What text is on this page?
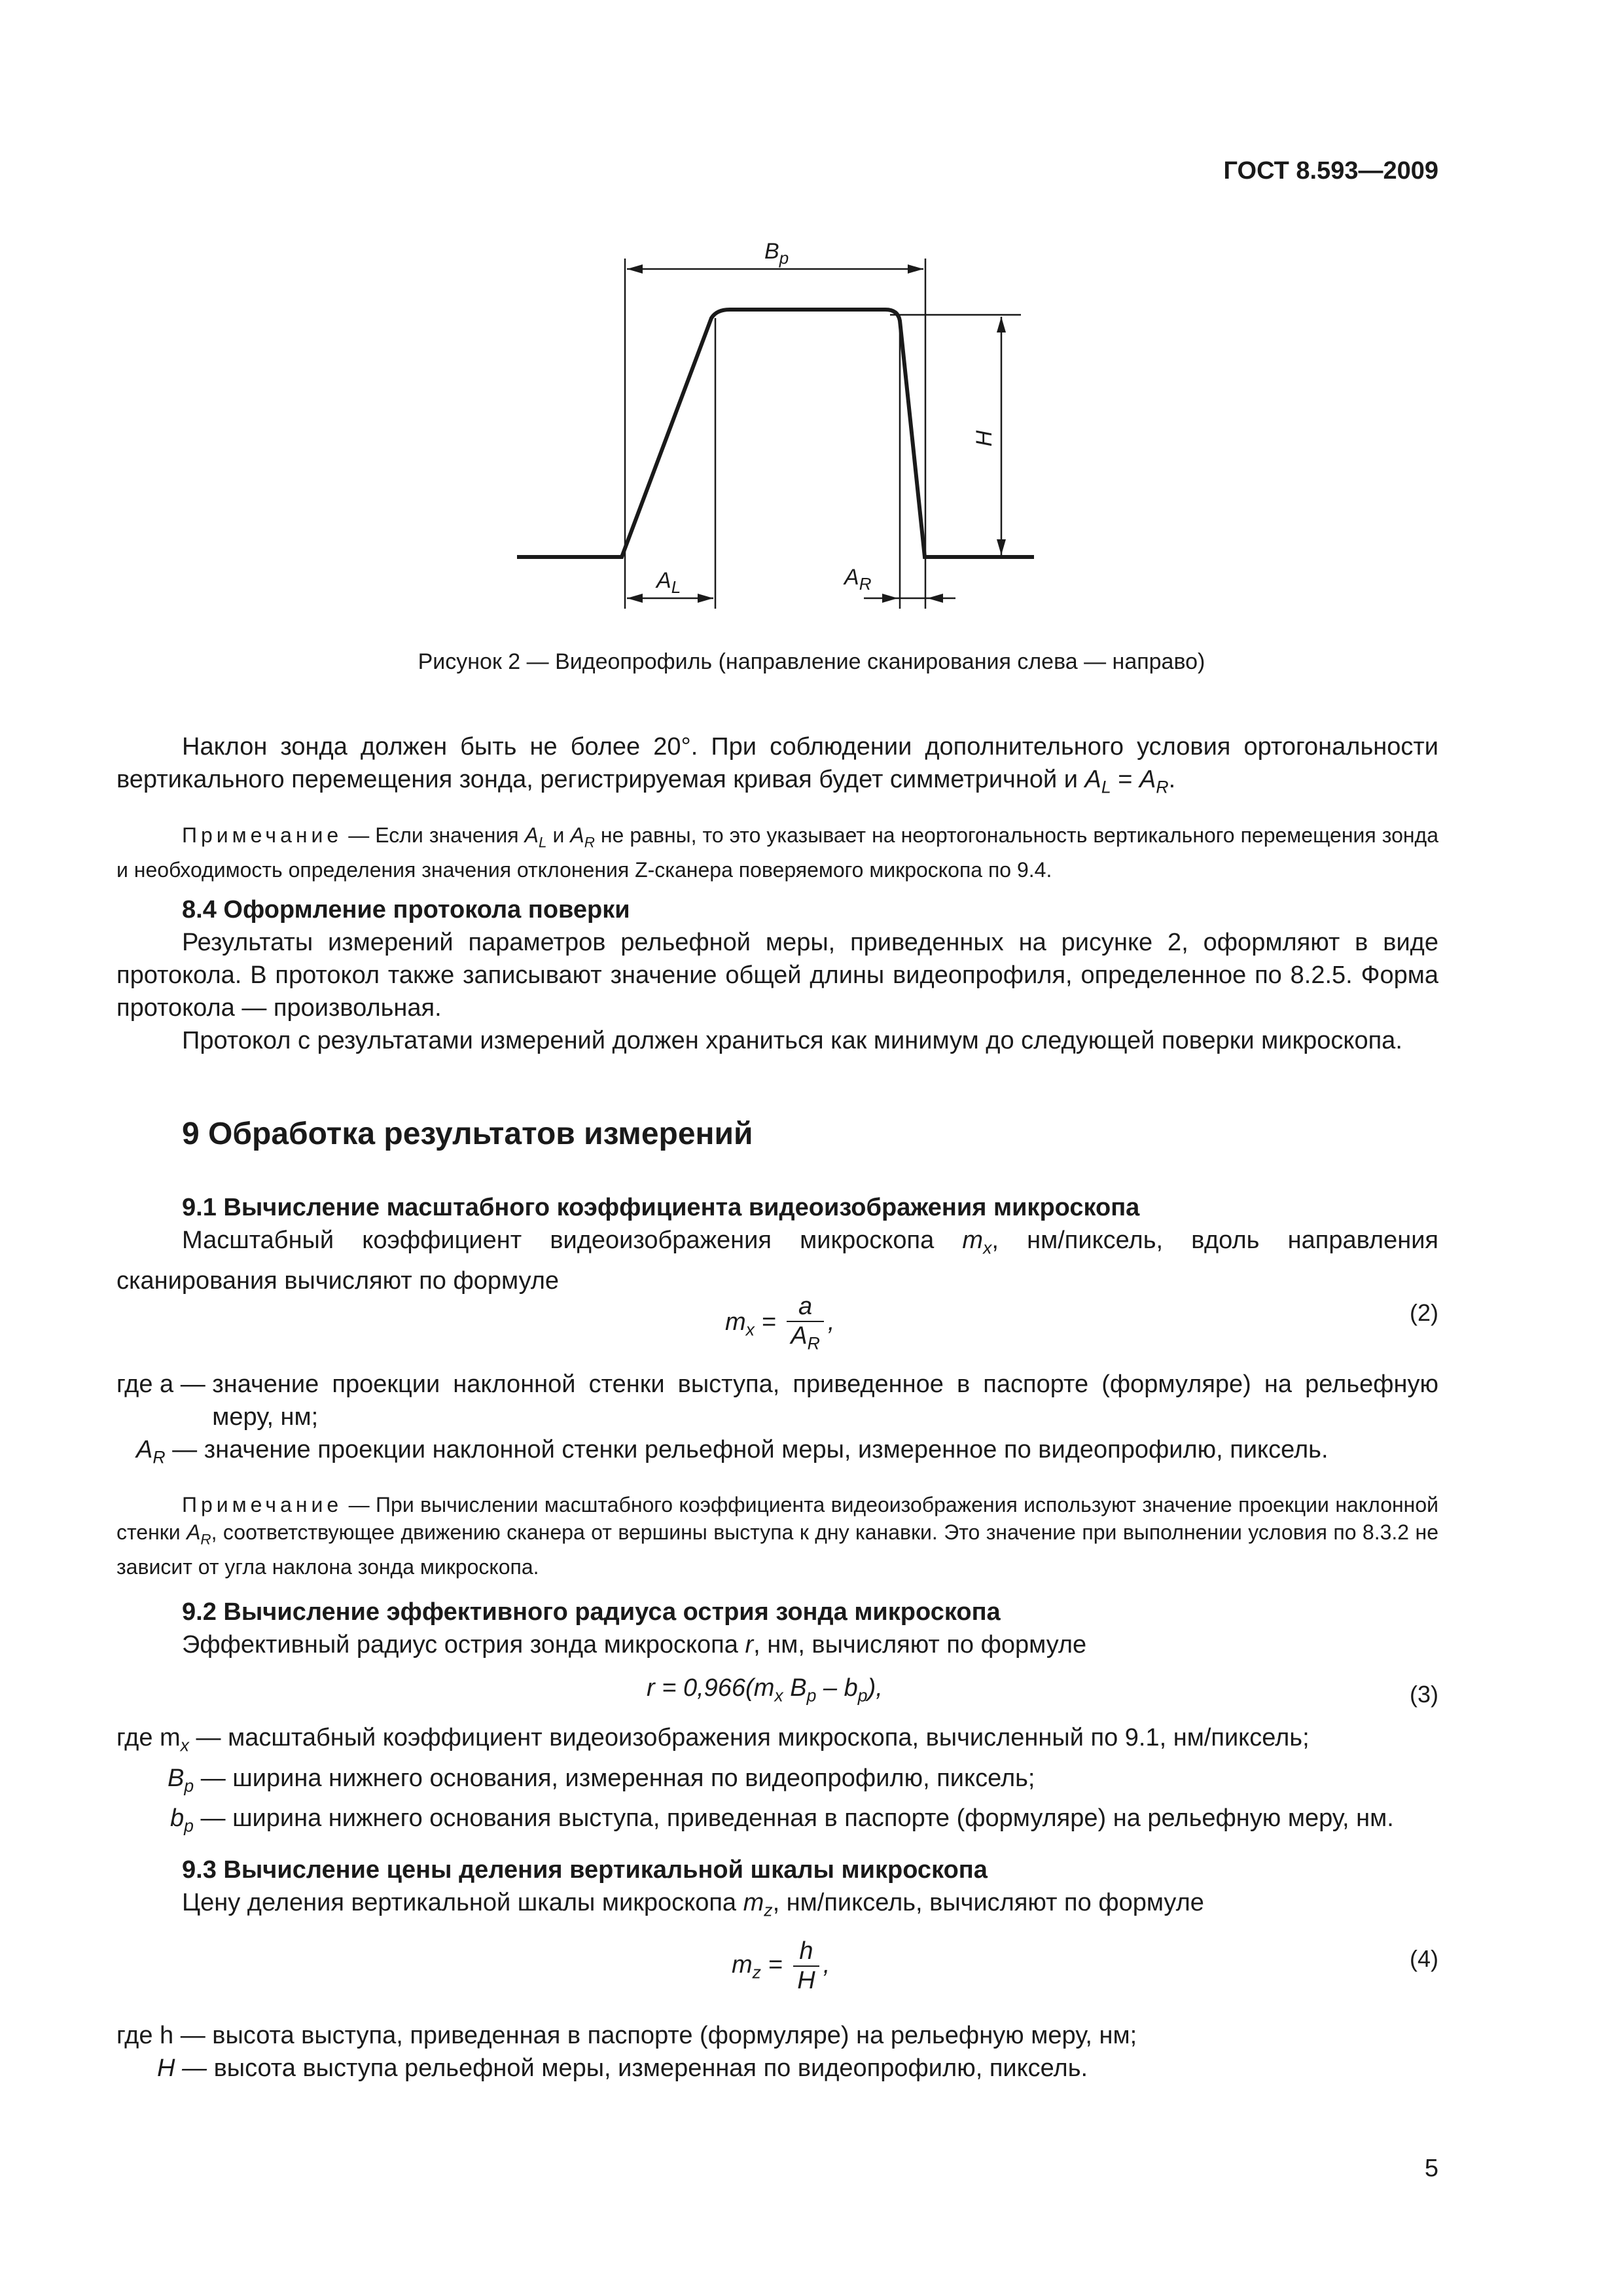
ГОСТ 8.593—2009
$B_p$
H
$A_L$	$A_R$
Рисунок 2 — Видеопрофиль (направление сканирования слева — направо)
Наклон зонда должен быть не более 20°. При соблюдении дополнительного условия ортогональности вертикального перемещения зонда, регистрируемая кривая будет симметричной и $A_L = A_R$.
Примечание — Если значения $A_L$ и $A_R$ не равны, то это указывает на неортогональность вертикального перемещения зонда и необходимость определения значения отклонения Z-сканера поверяемого микроскопа по 9.4.
8.4 Оформление протокола поверки
Результаты измерений параметров рельефной меры, приведенных на рисунке 2, оформляют в виде протокола. В протокол также записывают значение общей длины видеопрофиля, определенное по 8.2.5. Форма протокола — произвольная.
Протокол с результатами измерений должен храниться как минимум до следующей поверки микроскопа.
9 Обработка результатов измерений
9.1 Вычисление масштабного коэффициента видеоизображения микроскопа
Масштабный коэффициент видеоизображения микроскопа $m_x$, нм/пиксель, вдоль направления сканирования вычисляют по формуле
$m_x = \frac{a}{A_R}$ ,	(2)
где a — значение проекции наклонной стенки выступа, приведенное в паспорте (формуляре) на рельефную меру, нм;
$A_R$ — значение проекции наклонной стенки рельефной меры, измеренное по видеопрофилю, пиксель.
Примечание — При вычислении масштабного коэффициента видеоизображения используют значение проекции наклонной стенки $A_R$, соответствующее движению сканера от вершины выступа к дну канавки. Это значение при выполнении условия по 8.3.2 не зависит от угла наклона зонда микроскопа.
9.2 Вычисление эффективного радиуса острия зонда микроскопа
Эффективный радиус острия зонда микроскопа r, нм, вычисляют по формуле
$r = 0,966(m_x$ $B_p - b_p$),	(3)
где $m_x$ — масштабный коэффициент видеоизображения микроскопа, вычисленный по 9.1, нм/пиксель;
$B_p$ — ширина нижнего основания, измеренная по видеопрофилю, пиксель;
$b_p$ — ширина нижнего основания выступа, приведенная в паспорте (формуляре) на рельефную меру, нм.
9.3 Вычисление цены деления вертикальной шкалы микроскопа
Цену деления вертикальной шкалы микроскопа $m_z$, нм/пиксель, вычисляют по формуле
$m_z = \frac{h}{H}$ ,	(4)
где h — высота выступа, приведенная в паспорте (формуляре) на рельефную меру, нм;
H — высота выступа рельефной меры, измеренная по видеопрофилю, пиксель.
5
